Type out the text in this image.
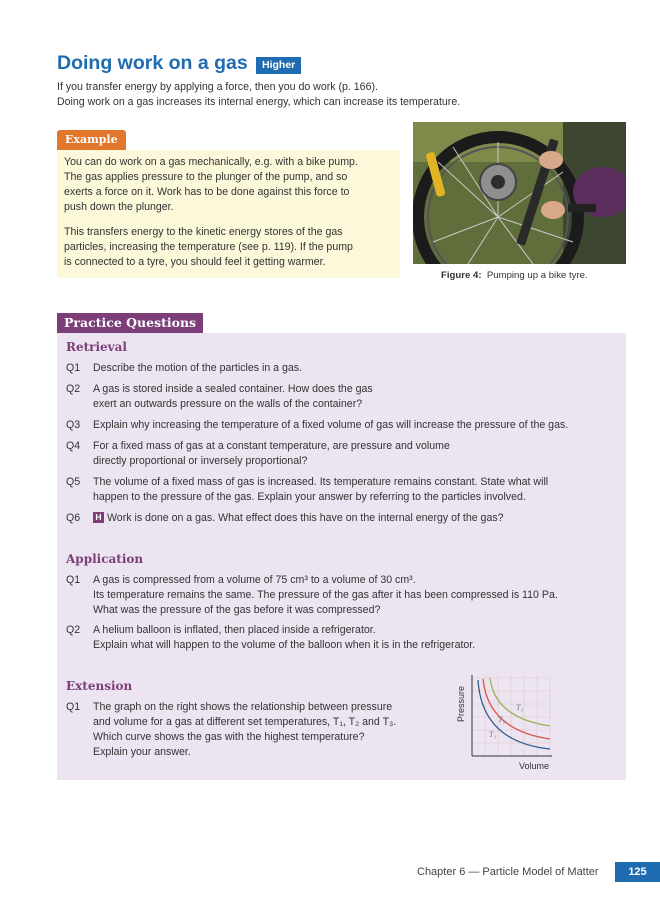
Doing work on a gas	Higher
If you transfer energy by applying a force, then you do work (p. 166).
Doing work on a gas increases its internal energy, which can increase its temperature.
Example
You can do work on a gas mechanically, e.g. with a bike pump.
The gas applies pressure to the plunger of the pump, and so
exerts a force on it. Work has to be done against this force to
push down the plunger.
This transfers energy to the kinetic energy stores of the gas
particles, increasing the temperature (see p. 119). If the pump
is connected to a tyre, you should feel it getting warmer.
Figure 4: Pumping up a bike tyre.
Practice Questions
Retrieval
Q1 Describe the motion of the particles in a gas.
Q2 A gas is stored inside a sealed container. How does the gas
exert an outwards pressure on the walls of the container?
Q3 Explain why increasing the temperature of a fixed volume of gas will increase the pressure of the gas.
Q4 For a fixed mass of gas at a constant temperature, are pressure and volume
directly proportional or inversely proportional?
Q5 The volume of a fixed mass of gas is increased. Its temperature remains constant. State what will
happen to the pressure of the gas. Explain your answer by referring to the particles involved.
Q6 H Work is done on a gas. What effect does this have on the internal energy of the gas?
Application
Q1 A gas is compressed from a volume of 75 cm³ to a volume of 30 cm³.
Its temperature remains the same. The pressure of the gas after it has been compressed is 110 Pa.
What was the pressure of the gas before it was compressed?
Q2 A helium balloon is inflated, then placed inside a refrigerator.
Explain what will happen to the volume of the balloon when it is in the refrigerator.
Extension
Q1 The graph on the right shows the relationship between pressure
and volume for a gas at different set temperatures, T₁, T₂ and T₃.
Which curve shows the gas with the highest temperature?
Explain your answer.
T₃
T₂
T₁
Pressure
Volume
Chapter 6 — Particle Model of Matter	125
